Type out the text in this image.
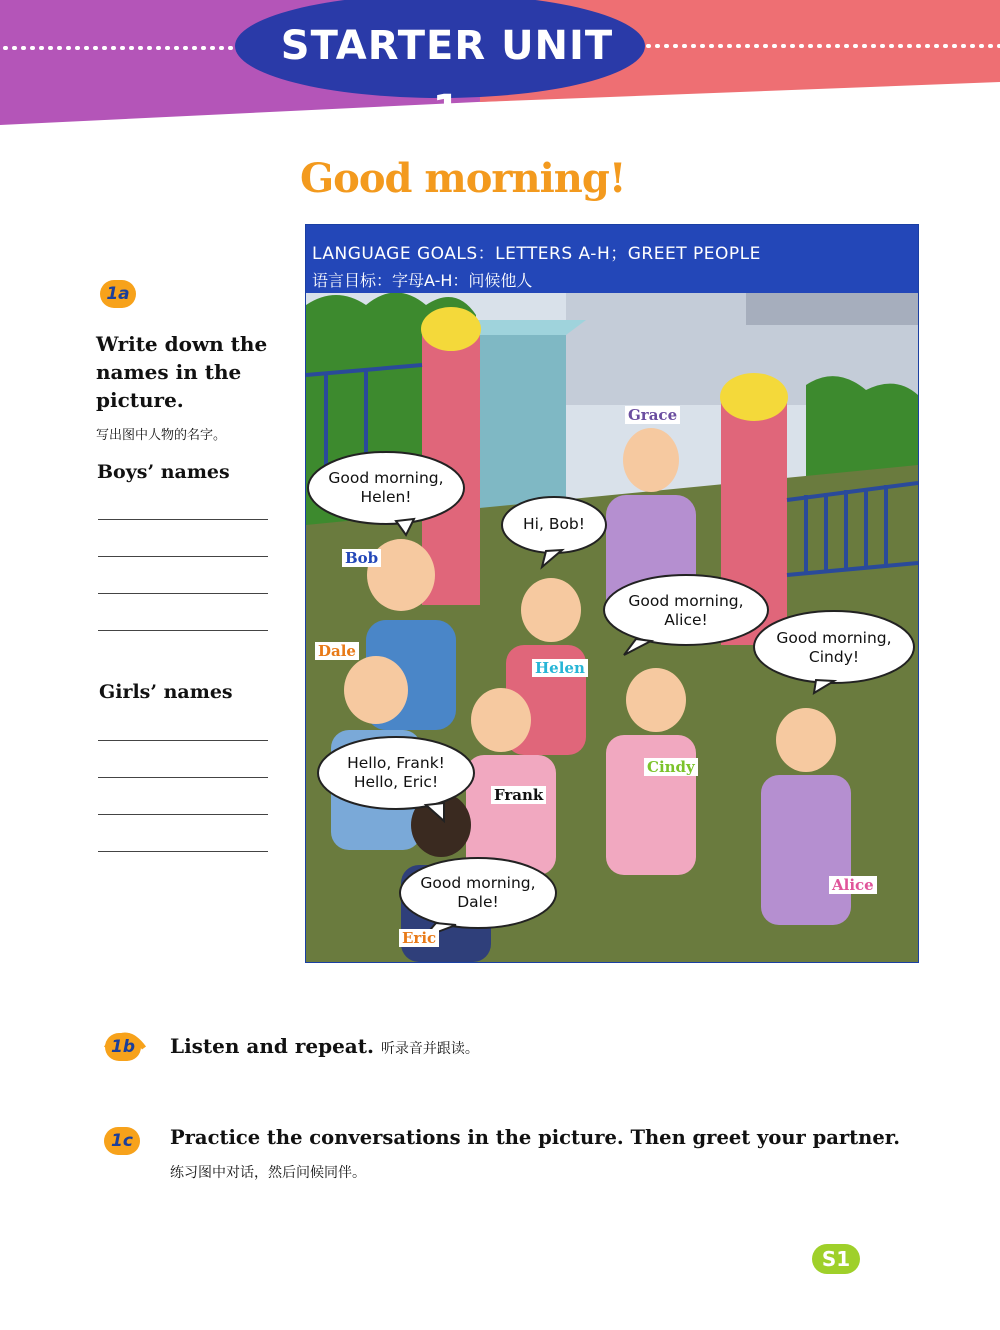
STARTER UNIT 1
Good morning!
1a
Write down the
names in the
picture.
写出图中人物的名字。
Boys’ names
Girls’ names
LANGUAGE GOALS：LETTERS A-H；GREET PEOPLE
语言目标：字母A-H：问候他人
Grace
Bob
Dale
Helen
Cindy
Frank
Alice
Eric
Good morning,
Helen!
Hi, Bob!
Good morning,
Alice!
Good morning,
Cindy!
Hello, Frank!
Hello, Eric!
Good morning,
Dale!
1b	Listen and repeat. 听录音并跟读。
1c	Practice the conversations in the picture. Then greet your partner.
练习图中对话，然后问候同伴。
S1
